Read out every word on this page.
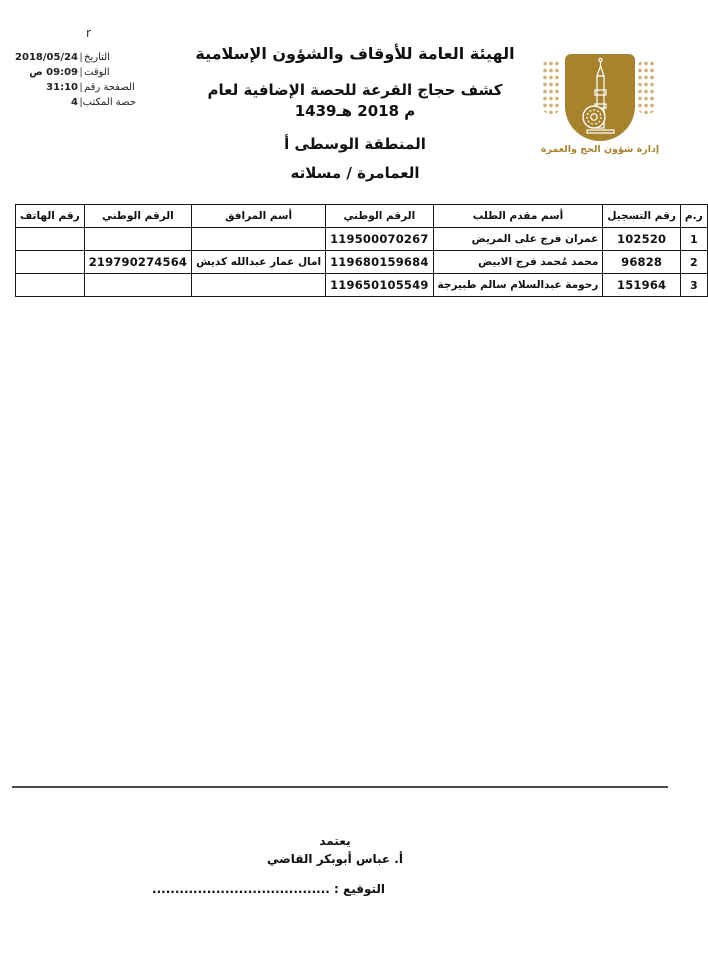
r
2018/05/24 | التاريخ
09:09 ص | الوقت
31:10 | الصفحة رقم
4 | حصة المكتب
الهيئة العامة للأوقاف والشؤون الإسلامية
كشف حجاج القرعة للحصة الإضافية لعام
1439هـ‎ 2018‎ م
المنطقة الوسطى أ
مسلاته‎ / ‎العمامرة
إدارة شؤون الحج والعمرة
ر.م	رقم التسجيل	أسم مقدم الطلب	الرقم الوطني	أسم المرافق	الرقم الوطني	رقم الهاتف
1	102520	عمران فرج على المريض	119500070267			
2	96828	محمد مُحمد فرج الابيض	119680159684	امال عمار عبدالله كديش	219790274564	
3	151964	رحومة عبدالسلام سالم طبيرجة	119650105549			
يعتمد
أ. عباس أبوبكر القاضي
التوقيع : .......................................
